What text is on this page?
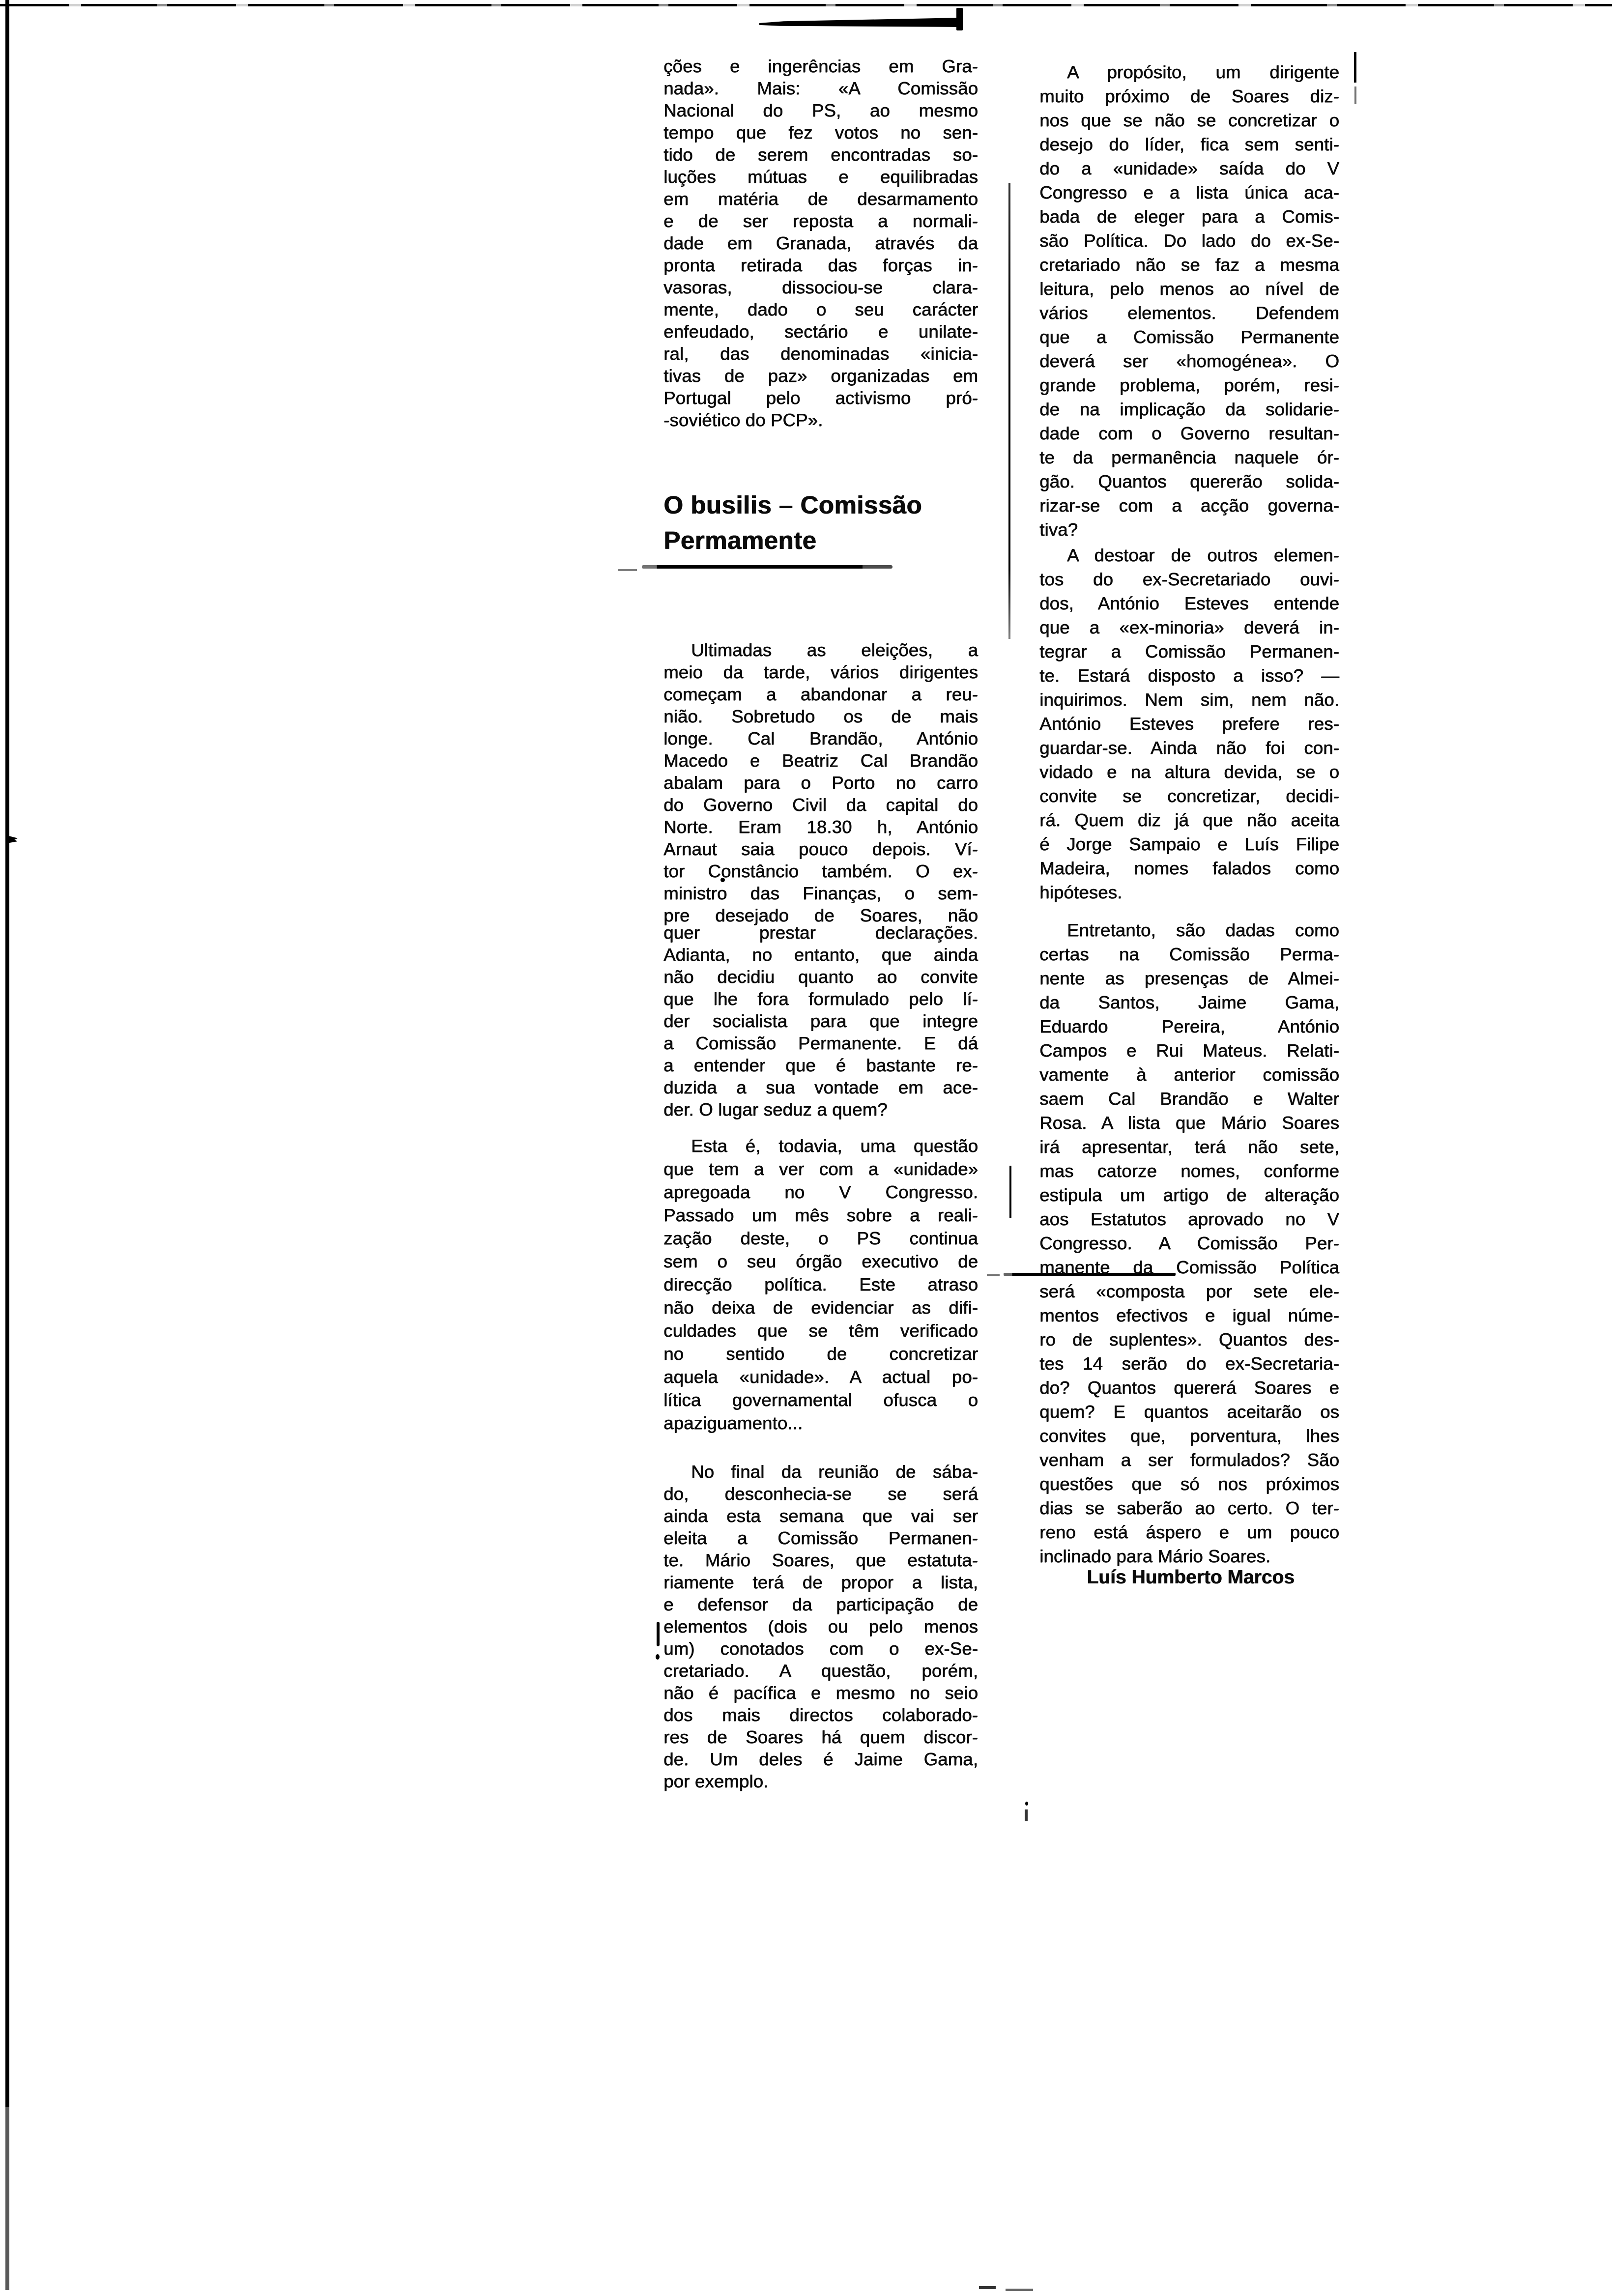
ções e ingerências em Gra-
nada». Mais: «A Comissão
Nacional do PS, ao mesmo
tempo que fez votos no sen-
tido de serem encontradas so-
luções mútuas e equilibradas
em matéria de desarmamento
e de ser reposta a normali-
dade em Granada, através da
pronta retirada das forças in-
vasoras, dissociou-se clara-
mente, dado o seu carácter
enfeudado, sectário e unilate-
ral, das denominadas «inicia-
tivas de paz» organizadas em
Portugal pelo activismo pró-
-soviético do PCP».
O busilis – Comissão
Permamente
Ultimadas as eleições, a
meio da tarde, vários dirigentes
começam a abandonar a reu-
nião. Sobretudo os de mais
longe. Cal Brandão, António
Macedo e Beatriz Cal Brandão
abalam para o Porto no carro
do Governo Civil da capital do
Norte. Eram 18.30 h, António
Arnaut saia pouco depois. Ví-
tor Constâncio também. O ex-
ministro das Finanças, o sem-
pre desejado de Soares, não
quer prestar declarações.
Adianta, no entanto, que ainda
não decidiu quanto ao convite
que lhe fora formulado pelo lí-
der socialista para que integre
a Comissão Permanente. E dá
a entender que é bastante re-
duzida a sua vontade em ace-
der. O lugar seduz a quem?
Esta é, todavia, uma questão
que tem a ver com a «unidade»
apregoada no V Congresso.
Passado um mês sobre a reali-
zação deste, o PS continua
sem o seu órgão executivo de
direcção política. Este atraso
não deixa de evidenciar as difi-
culdades que se têm verificado
no sentido de concretizar
aquela «unidade». A actual po-
lítica governamental ofusca o
apaziguamento...
No final da reunião de sába-
do, desconhecia-se se será
ainda esta semana que vai ser
eleita a Comissão Permanen-
te. Mário Soares, que estatuta-
riamente terá de propor a lista,
e defensor da participação de
elementos (dois ou pelo menos
um) conotados com o ex-Se-
cretariado. A questão, porém,
não é pacífica e mesmo no seio
dos mais directos colaborado-
res de Soares há quem discor-
de. Um deles é Jaime Gama,
por exemplo.
A propósito, um dirigente
muito próximo de Soares diz-
nos que se não se concretizar o
desejo do líder, fica sem senti-
do a «unidade» saída do V
Congresso e a lista única aca-
bada de eleger para a Comis-
são Política. Do lado do ex-Se-
cretariado não se faz a mesma
leitura, pelo menos ao nível de
vários elementos. Defendem
que a Comissão Permanente
deverá ser «homogénea». O
grande problema, porém, resi-
de na implicação da solidarie-
dade com o Governo resultan-
te da permanência naquele ór-
gão. Quantos quererão solida-
rizar-se com a acção governa-
tiva?
A destoar de outros elemen-
tos do ex-Secretariado ouvi-
dos, António Esteves entende
que a «ex-minoria» deverá in-
tegrar a Comissão Permanen-
te. Estará disposto a isso? —
inquirimos. Nem sim, nem não.
António Esteves prefere res-
guardar-se. Ainda não foi con-
vidado e na altura devida, se o
convite se concretizar, decidi-
rá. Quem diz já que não aceita
é Jorge Sampaio e Luís Filipe
Madeira, nomes falados como
hipóteses.
Entretanto, são dadas como
certas na Comissão Perma-
nente as presenças de Almei-
da Santos, Jaime Gama,
Eduardo Pereira, António
Campos e Rui Mateus. Relati-
vamente à anterior comissão
saem Cal Brandão e Walter
Rosa. A lista que Mário Soares
irá apresentar, terá não sete,
mas catorze nomes, conforme
estipula um artigo de alteração
aos Estatutos aprovado no V
Congresso. A Comissão Per-
manente da Comissão Política
será «composta por sete ele-
mentos efectivos e igual núme-
ro de suplentes». Quantos des-
tes 14 serão do ex-Secretaria-
do? Quantos quererá Soares e
quem? E quantos aceitarão os
convites que, porventura, lhes
venham a ser formulados? São
questões que só nos próximos
dias se saberão ao certo. O ter-
reno está áspero e um pouco
inclinado para Mário Soares.
Luís Humberto Marcos
